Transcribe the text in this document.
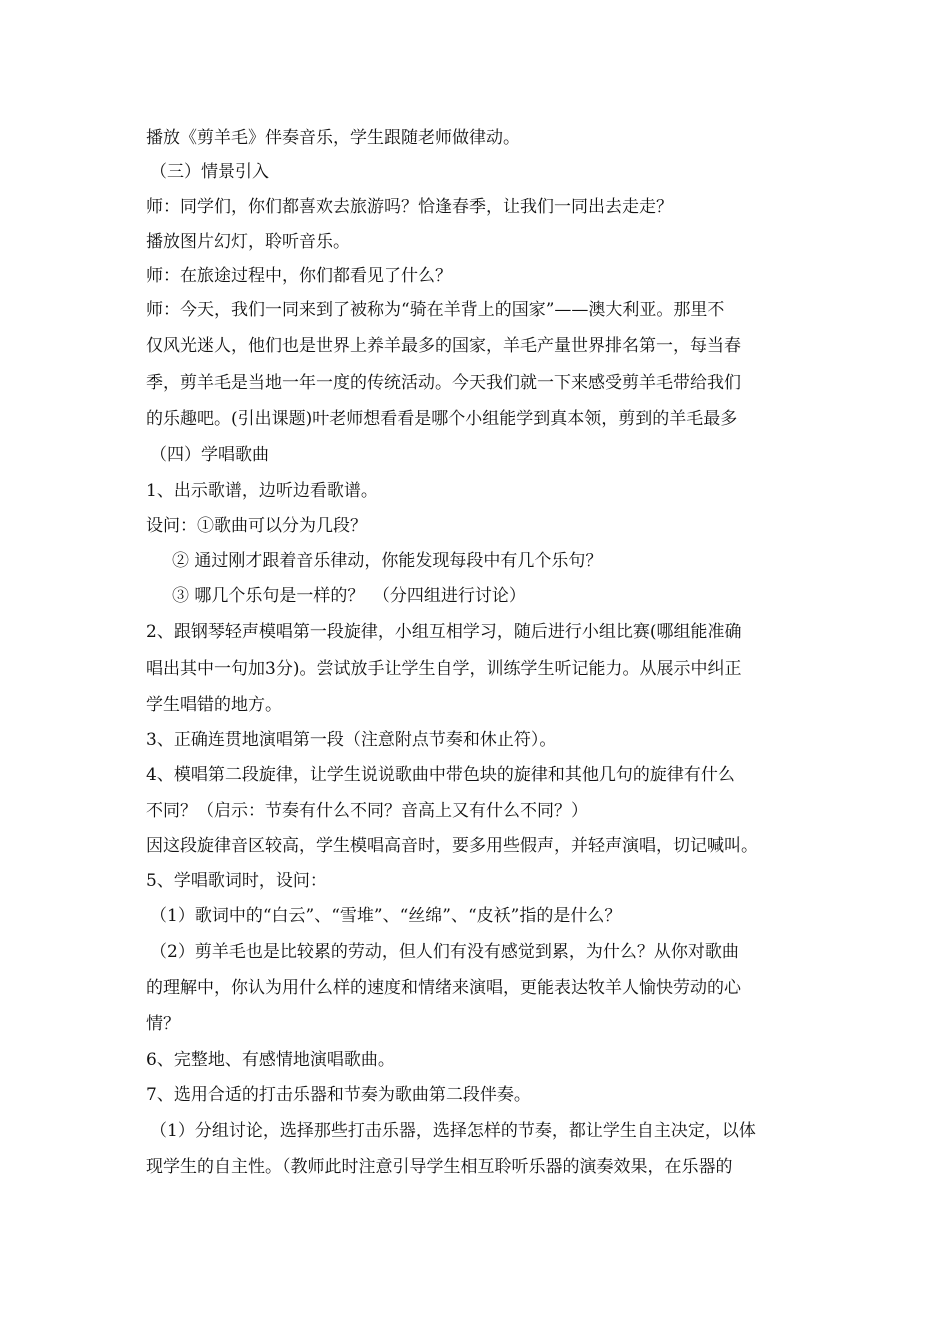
播放《剪羊毛》伴奏音乐，学生跟随老师做律动。
（三）情景引入
师：同学们，你们都喜欢去旅游吗？恰逢春季，让我们一同出去走走？
播放图片幻灯，聆听音乐。
师：在旅途过程中，你们都看见了什么？
师：今天，我们一同来到了被称为“骑在羊背上的国家”——澳大利亚。那里不
仅风光迷人，他们也是世界上养羊最多的国家，羊毛产量世界排名第一，每当春
季，剪羊毛是当地一年一度的传统活动。今天我们就一下来感受剪羊毛带给我们
的乐趣吧。(引出课题)叶老师想看看是哪个小组能学到真本领，剪到的羊毛最多
（四）学唱歌曲
1、出示歌谱，边听边看歌谱。
设问：①歌曲可以分为几段？
② 通过刚才跟着音乐律动，你能发现每段中有几个乐句？
③ 哪几个乐句是一样的？　（分四组进行讨论）
2、跟钢琴轻声模唱第一段旋律，小组互相学习，随后进行小组比赛(哪组能准确
唱出其中一句加3分)。尝试放手让学生自学，训练学生听记能力。从展示中纠正
学生唱错的地方。
3、正确连贯地演唱第一段（注意附点节奏和休止符）。
4、模唱第二段旋律，让学生说说歌曲中带色块的旋律和其他几句的旋律有什么
不同？（启示：节奏有什么不同？音高上又有什么不同？）
因这段旋律音区较高，学生模唱高音时，要多用些假声，并轻声演唱，切记喊叫。
5、学唱歌词时，设问：
（1）歌词中的“白云”、“雪堆”、“丝绵”、“皮袄”指的是什么？
（2）剪羊毛也是比较累的劳动，但人们有没有感觉到累，为什么？从你对歌曲
的理解中，你认为用什么样的速度和情绪来演唱，更能表达牧羊人愉快劳动的心
情？
6、完整地、有感情地演唱歌曲。
7、选用合适的打击乐器和节奏为歌曲第二段伴奏。
（1）分组讨论，选择那些打击乐器，选择怎样的节奏，都让学生自主决定，以体
现学生的自主性。（教师此时注意引导学生相互聆听乐器的演奏效果，在乐器的
